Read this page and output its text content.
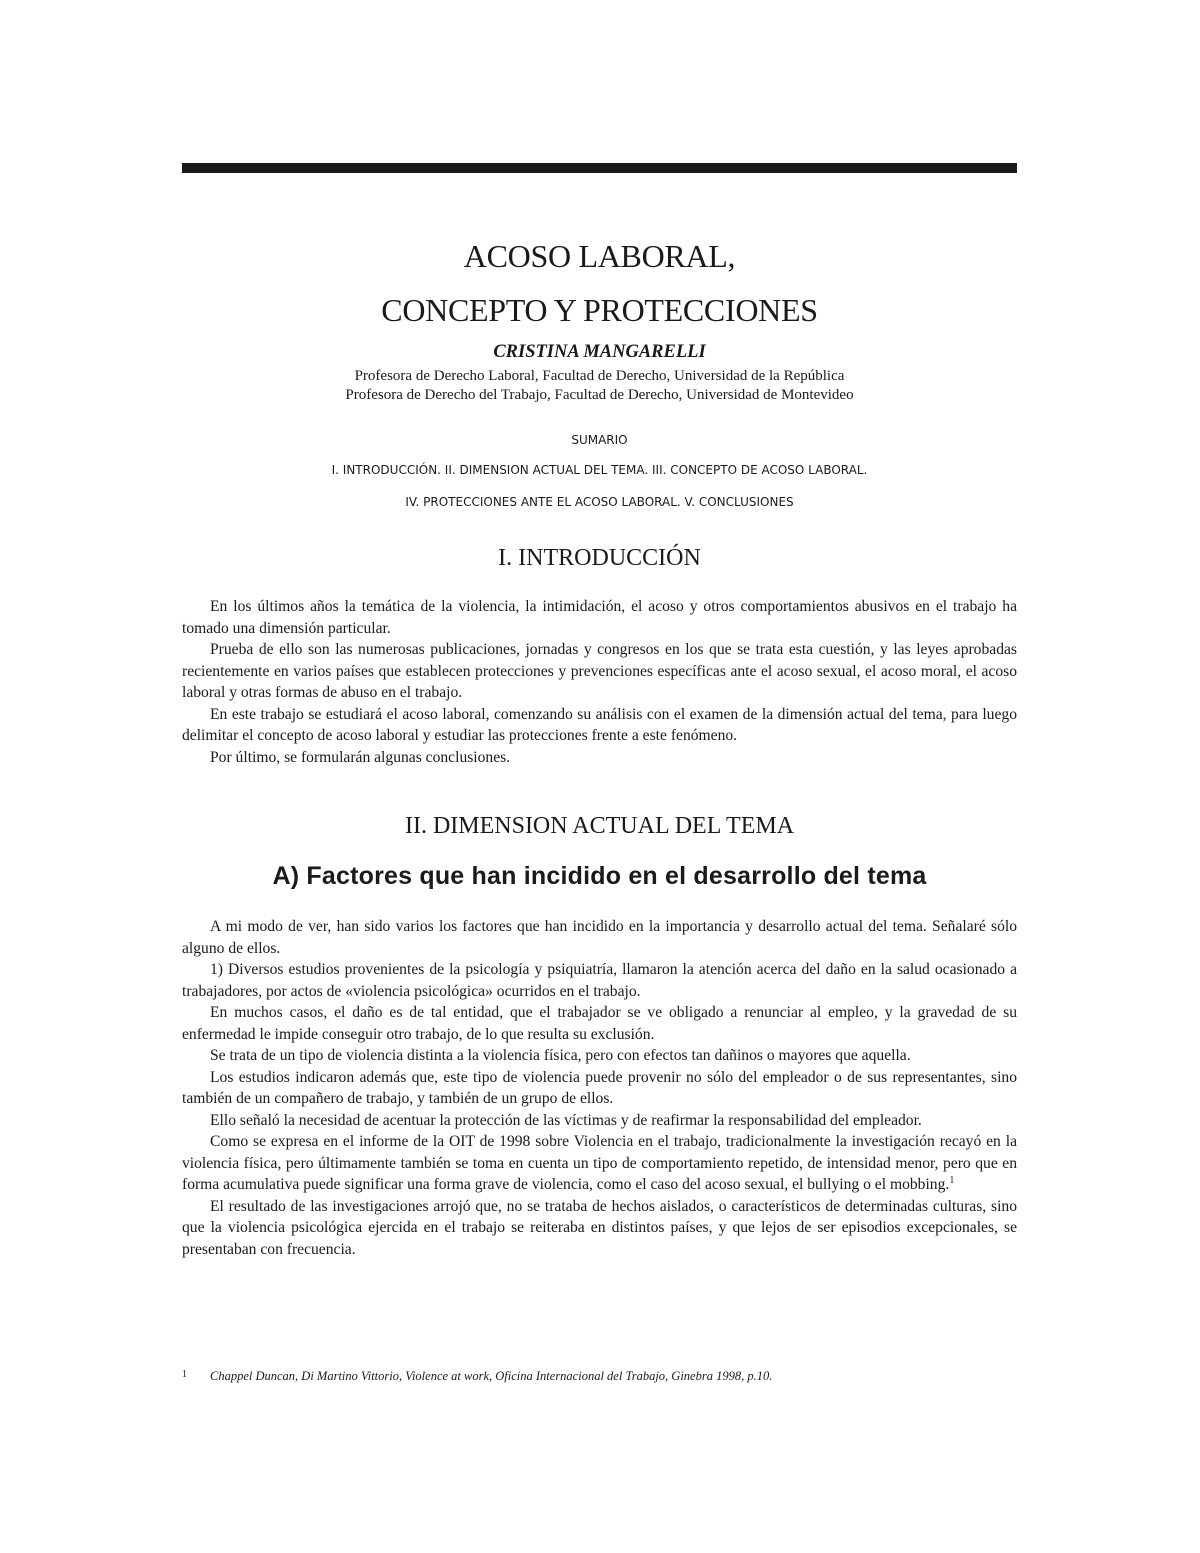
ACOSO LABORAL,
CONCEPTO Y PROTECCIONES
CRISTINA MANGARELLI
Profesora de Derecho Laboral, Facultad de Derecho, Universidad de la República
Profesora de Derecho del Trabajo, Facultad de Derecho, Universidad de Montevideo
SUMARIO
I. INTRODUCCIÓN. II. DIMENSION ACTUAL DEL TEMA. III. CONCEPTO DE ACOSO LABORAL.
IV. PROTECCIONES ANTE EL ACOSO LABORAL. V. CONCLUSIONES
I. INTRODUCCIÓN

En los últimos años la temática de la violencia, la intimidación, el acoso y otros comportamientos abusivos en el trabajo ha tomado una dimensión particular.

Prueba de ello son las numerosas publicaciones, jornadas y congresos en los que se trata esta cuestión, y las leyes aprobadas recientemente en varios países que establecen protecciones y prevenciones específicas ante el acoso sexual, el acoso moral, el acoso laboral y otras formas de abuso en el trabajo.

En este trabajo se estudiará el acoso laboral, comenzando su análisis con el examen de la dimensión actual del tema, para luego delimitar el concepto de acoso laboral y estudiar las protecciones frente a este fenómeno.

Por último, se formularán algunas conclusiones.

II. DIMENSION ACTUAL DEL TEMA
A) Factores que han incidido en el desarrollo del tema

A mi modo de ver, han sido varios los factores que han incidido en la importancia y desarrollo actual del tema. Señalaré sólo alguno de ellos.

1) Diversos estudios provenientes de la psicología y psiquiatría, llamaron la atención acerca del daño en la salud ocasionado a trabajadores, por actos de «violencia psicológica» ocurridos en el trabajo.

En muchos casos, el daño es de tal entidad, que el trabajador se ve obligado a renunciar al empleo, y la gravedad de su enfermedad le impide conseguir otro trabajo, de lo que resulta su exclusión.

Se trata de un tipo de violencia distinta a la violencia física, pero con efectos tan dañinos o mayores que aquella.

Los estudios indicaron además que, este tipo de violencia puede provenir no sólo del empleador o de sus representantes, sino también de un compañero de trabajo, y también de un grupo de ellos.

Ello señaló la necesidad de acentuar la protección de las víctimas y de reafirmar la responsabilidad del empleador.

Como se expresa en el informe de la OIT de 1998 sobre Violencia en el trabajo, tradicionalmente la investigación recayó en la violencia física, pero últimamente también se toma en cuenta un tipo de comportamiento repetido, de intensidad menor, pero que en forma acumulativa puede significar una forma grave de violencia, como el caso del acoso sexual, el bullying o el mobbing.$^1$

El resultado de las investigaciones arrojó que, no se trataba de hechos aislados, o característicos de determinadas culturas, sino que la violencia psicológica ejercida en el trabajo se reiteraba en distintos países, y que lejos de ser episodios excepcionales, se presentaban con frecuencia.

1 Chappel Duncan, Di Martino Vittorio, Violence at work, Oficina Internacional del Trabajo, Ginebra 1998, p.10.
